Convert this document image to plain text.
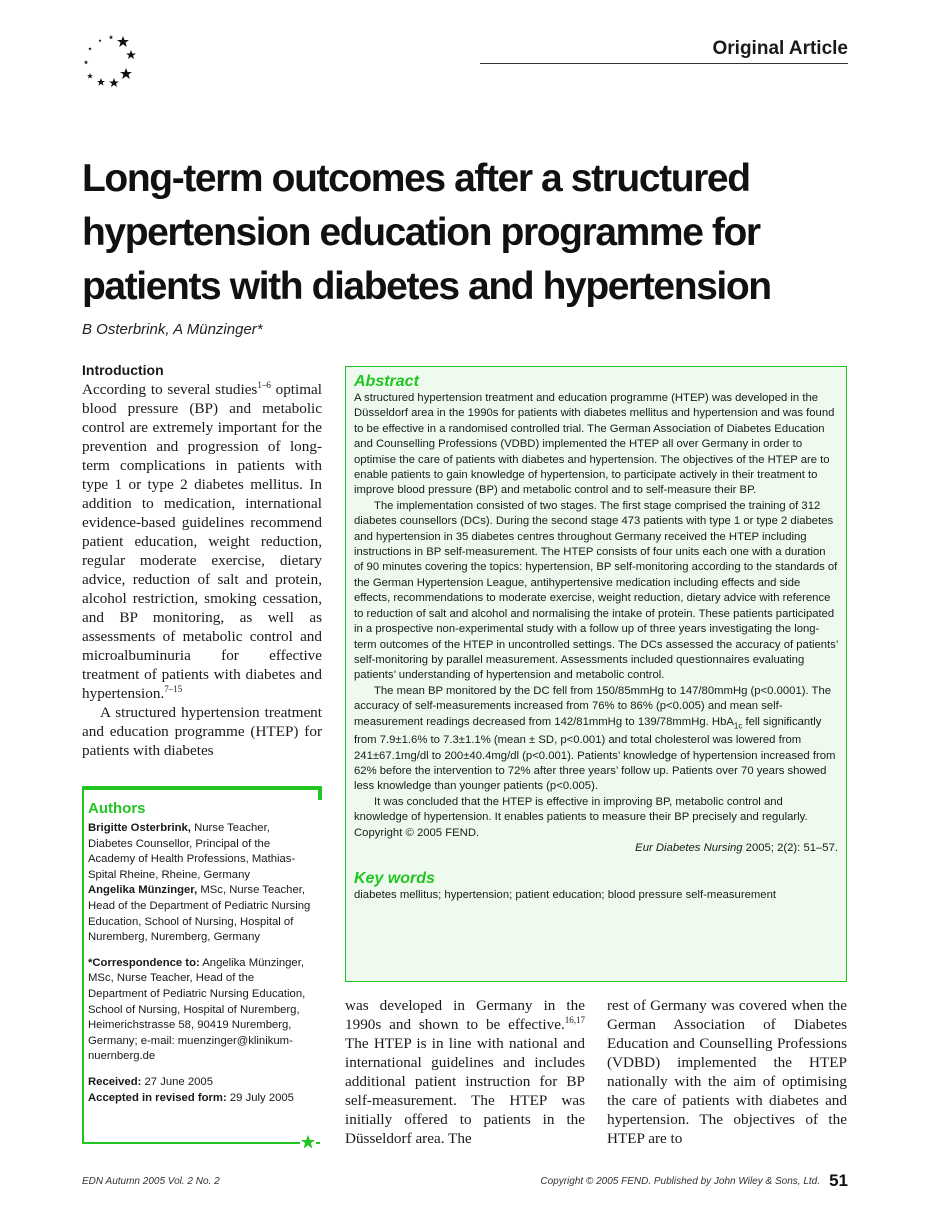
Original Article
Long-term outcomes after a structured hypertension education programme for patients with diabetes and hypertension
B Osterbrink, A Münzinger*
Introduction

According to several studies$^{1-6}$ optimal blood pressure (BP) and metabolic control are extremely important for the prevention and progression of long-term complications in patients with type 1 or type 2 diabetes mellitus. In addition to medication, international evidence-based guidelines recommend patient education, weight reduction, regular moderate exercise, dietary advice, reduction of salt and protein, alcohol restriction, smoking cessation, and BP monitoring, as well as assessments of metabolic control and microalbuminuria for effective treatment of patients with diabetes and hypertension.$^{7-15}$

A structured hypertension treatment and education programme (HTEP) for patients with diabetes

Authors
Brigitte Osterbrink, Nurse Teacher, Diabetes Counsellor, Principal of the Academy of Health Professions, Mathias-Spital Rheine, Rheine, Germany
Angelika Münzinger, MSc, Nurse Teacher, Head of the Department of Pediatric Nursing Education, School of Nursing, Hospital of Nuremberg, Nuremberg, Germany
*Correspondence to: Angelika Münzinger, MSc, Nurse Teacher, Head of the Department of Pediatric Nursing Education, School of Nursing, Hospital of Nuremberg, Heimerichstrasse 58, 90419 Nuremberg, Germany; e-mail: muenzinger@klinikum-nuernberg.de
Received: 27 June 2005
Accepted in revised form: 29 July 2005
Abstract

A structured hypertension treatment and education programme (HTEP) was developed in the Düsseldorf area in the 1990s for patients with diabetes mellitus and hypertension and was found to be effective in a randomised controlled trial. The German Association of Diabetes Education and Counselling Professions (VDBD) implemented the HTEP all over Germany in order to optimise the care of patients with diabetes and hypertension. The objectives of the HTEP are to enable patients to gain knowledge of hypertension, to participate actively in their treatment to improve blood pressure (BP) and metabolic control and to self-measure their BP.

The implementation consisted of two stages. The first stage comprised the training of 312 diabetes counsellors (DCs). During the second stage 473 patients with type 1 or type 2 diabetes and hypertension in 35 diabetes centres throughout Germany received the HTEP including instructions in BP self-measurement. The HTEP consists of four units each one with a duration of 90 minutes covering the topics: hypertension, BP self-monitoring according to the standards of the German Hypertension League, antihypertensive medication including effects and side effects, recommendations to moderate exercise, weight reduction, dietary advice with reference to reduction of salt and alcohol and normalising the intake of protein. These patients participated in a prospective non-experimental study with a follow up of three years investigating the long-term outcomes of the HTEP in uncontrolled settings. The DCs assessed the accuracy of patients’ self-monitoring by parallel measurement. Assessments included questionnaires evaluating patients’ understanding of hypertension and metabolic control.

The mean BP monitored by the DC fell from 150/85mmHg to 147/80mmHg (p<0.0001). The accuracy of self-measurements increased from 76% to 86% (p<0.005) and mean self-measurement readings decreased from 142/81mmHg to 139/78mmHg. HbA$_{1c}$ fell significantly from 7.9±1.6% to 7.3±1.1% (mean ± SD, p<0.001) and total cholesterol was lowered from 241±67.1mg/dl to 200±40.4mg/dl (p<0.001). Patients’ knowledge of hypertension increased from 62% before the intervention to 72% after three years’ follow up. Patients over 70 years showed less knowledge than younger patients (p<0.005).

It was concluded that the HTEP is effective in improving BP, metabolic control and knowledge of hypertension. It enables patients to measure their BP precisely and regularly. Copyright © 2005 FEND.

Eur Diabetes Nursing 2005; 2(2): 51–57.
Key words
diabetes mellitus; hypertension; patient education; blood pressure self-measurement

was developed in Germany in the 1990s and shown to be effective.$^{16,17}$ The HTEP is in line with national and international guidelines and includes additional patient instruction for BP self-measurement. The HTEP was initially offered to patients in the Düsseldorf area. The

rest of Germany was covered when the German Association of Diabetes Education and Counselling Professions (VDBD) implemented the HTEP nationally with the aim of optimising the care of patients with diabetes and hypertension. The objectives of the HTEP are to

EDN Autumn 2005 Vol. 2 No. 2	Copyright © 2005 FEND. Published by John Wiley & Sons, Ltd. 51
